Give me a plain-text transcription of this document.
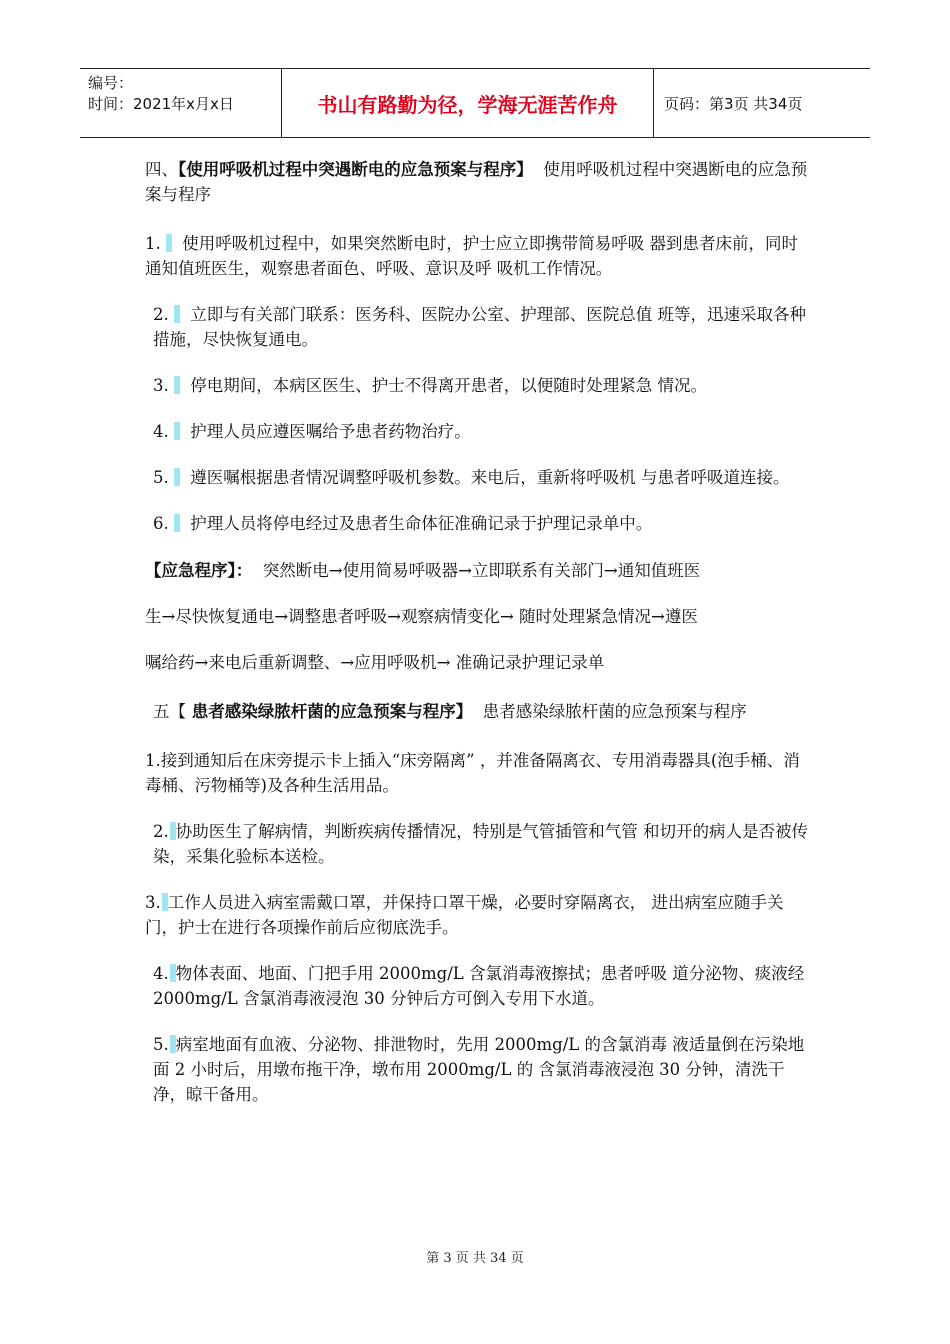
编号：
时间：2021年x月x日	书山有路勤为径，学海无涯苦作舟	页码：第3页 共34页

四、【使用呼吸机过程中突遇断电的应急预案与程序】 使用呼吸机过程中突遇断电的应急预案与程序

1. 使用呼吸机过程中，如果突然断电时，护士应立即携带简易呼吸 器到患者床前，同时通知值班医生，观察患者面色、呼吸、意识及呼 吸机工作情况。

2. 立即与有关部门联系：医务科、医院办公室、护理部、医院总值 班等，迅速采取各种措施，尽快恢复通电。

3. 停电期间，本病区医生、护士不得离开患者，以便随时处理紧急 情况。

4. 护理人员应遵医嘱给予患者药物治疗。

5. 遵医嘱根据患者情况调整呼吸机参数。来电后，重新将呼吸机 与患者呼吸道连接。

6. 护理人员将停电经过及患者生命体征准确记录于护理记录单中。

【应急程序】： 突然断电→使用简易呼吸器→立即联系有关部门→通知值班医

生→尽快恢复通电→调整患者呼吸→观察病情变化→ 随时处理紧急情况→遵医

嘱给药→来电后重新调整、→应用呼吸机→ 准确记录护理记录单

五【 患者感染绿脓杆菌的应急预案与程序】 患者感染绿脓杆菌的应急预案与程序

1.接到通知后在床旁提示卡上插入“床旁隔离” ，并准备隔离衣、专用消毒器具(泡手桶、消毒桶、污物桶等)及各种生活用品。

2. 协助医生了解病情，判断疾病传播情况，特别是气管插管和气管 和切开的病人是否被传染，采集化验标本送检。

3. 工作人员进入病室需戴口罩，并保持口罩干燥，必要时穿隔离衣， 进出病室应随手关门，护士在进行各项操作前后应彻底洗手。

4. 物体表面、地面、门把手用 2000mg/L 含氯消毒液擦拭；患者呼吸 道分泌物、痰液经 2000mg/L 含氯消毒液浸泡 30 分钟后方可倒入专用下水道。

5. 病室地面有血液、分泌物、排泄物时，先用 2000mg/L 的含氯消毒 液适量倒在污染地面 2 小时后，用墩布拖干净，墩布用 2000mg/L 的 含氯消毒液浸泡 30 分钟，清洗干净，晾干备用。

第 3 页 共 34 页
